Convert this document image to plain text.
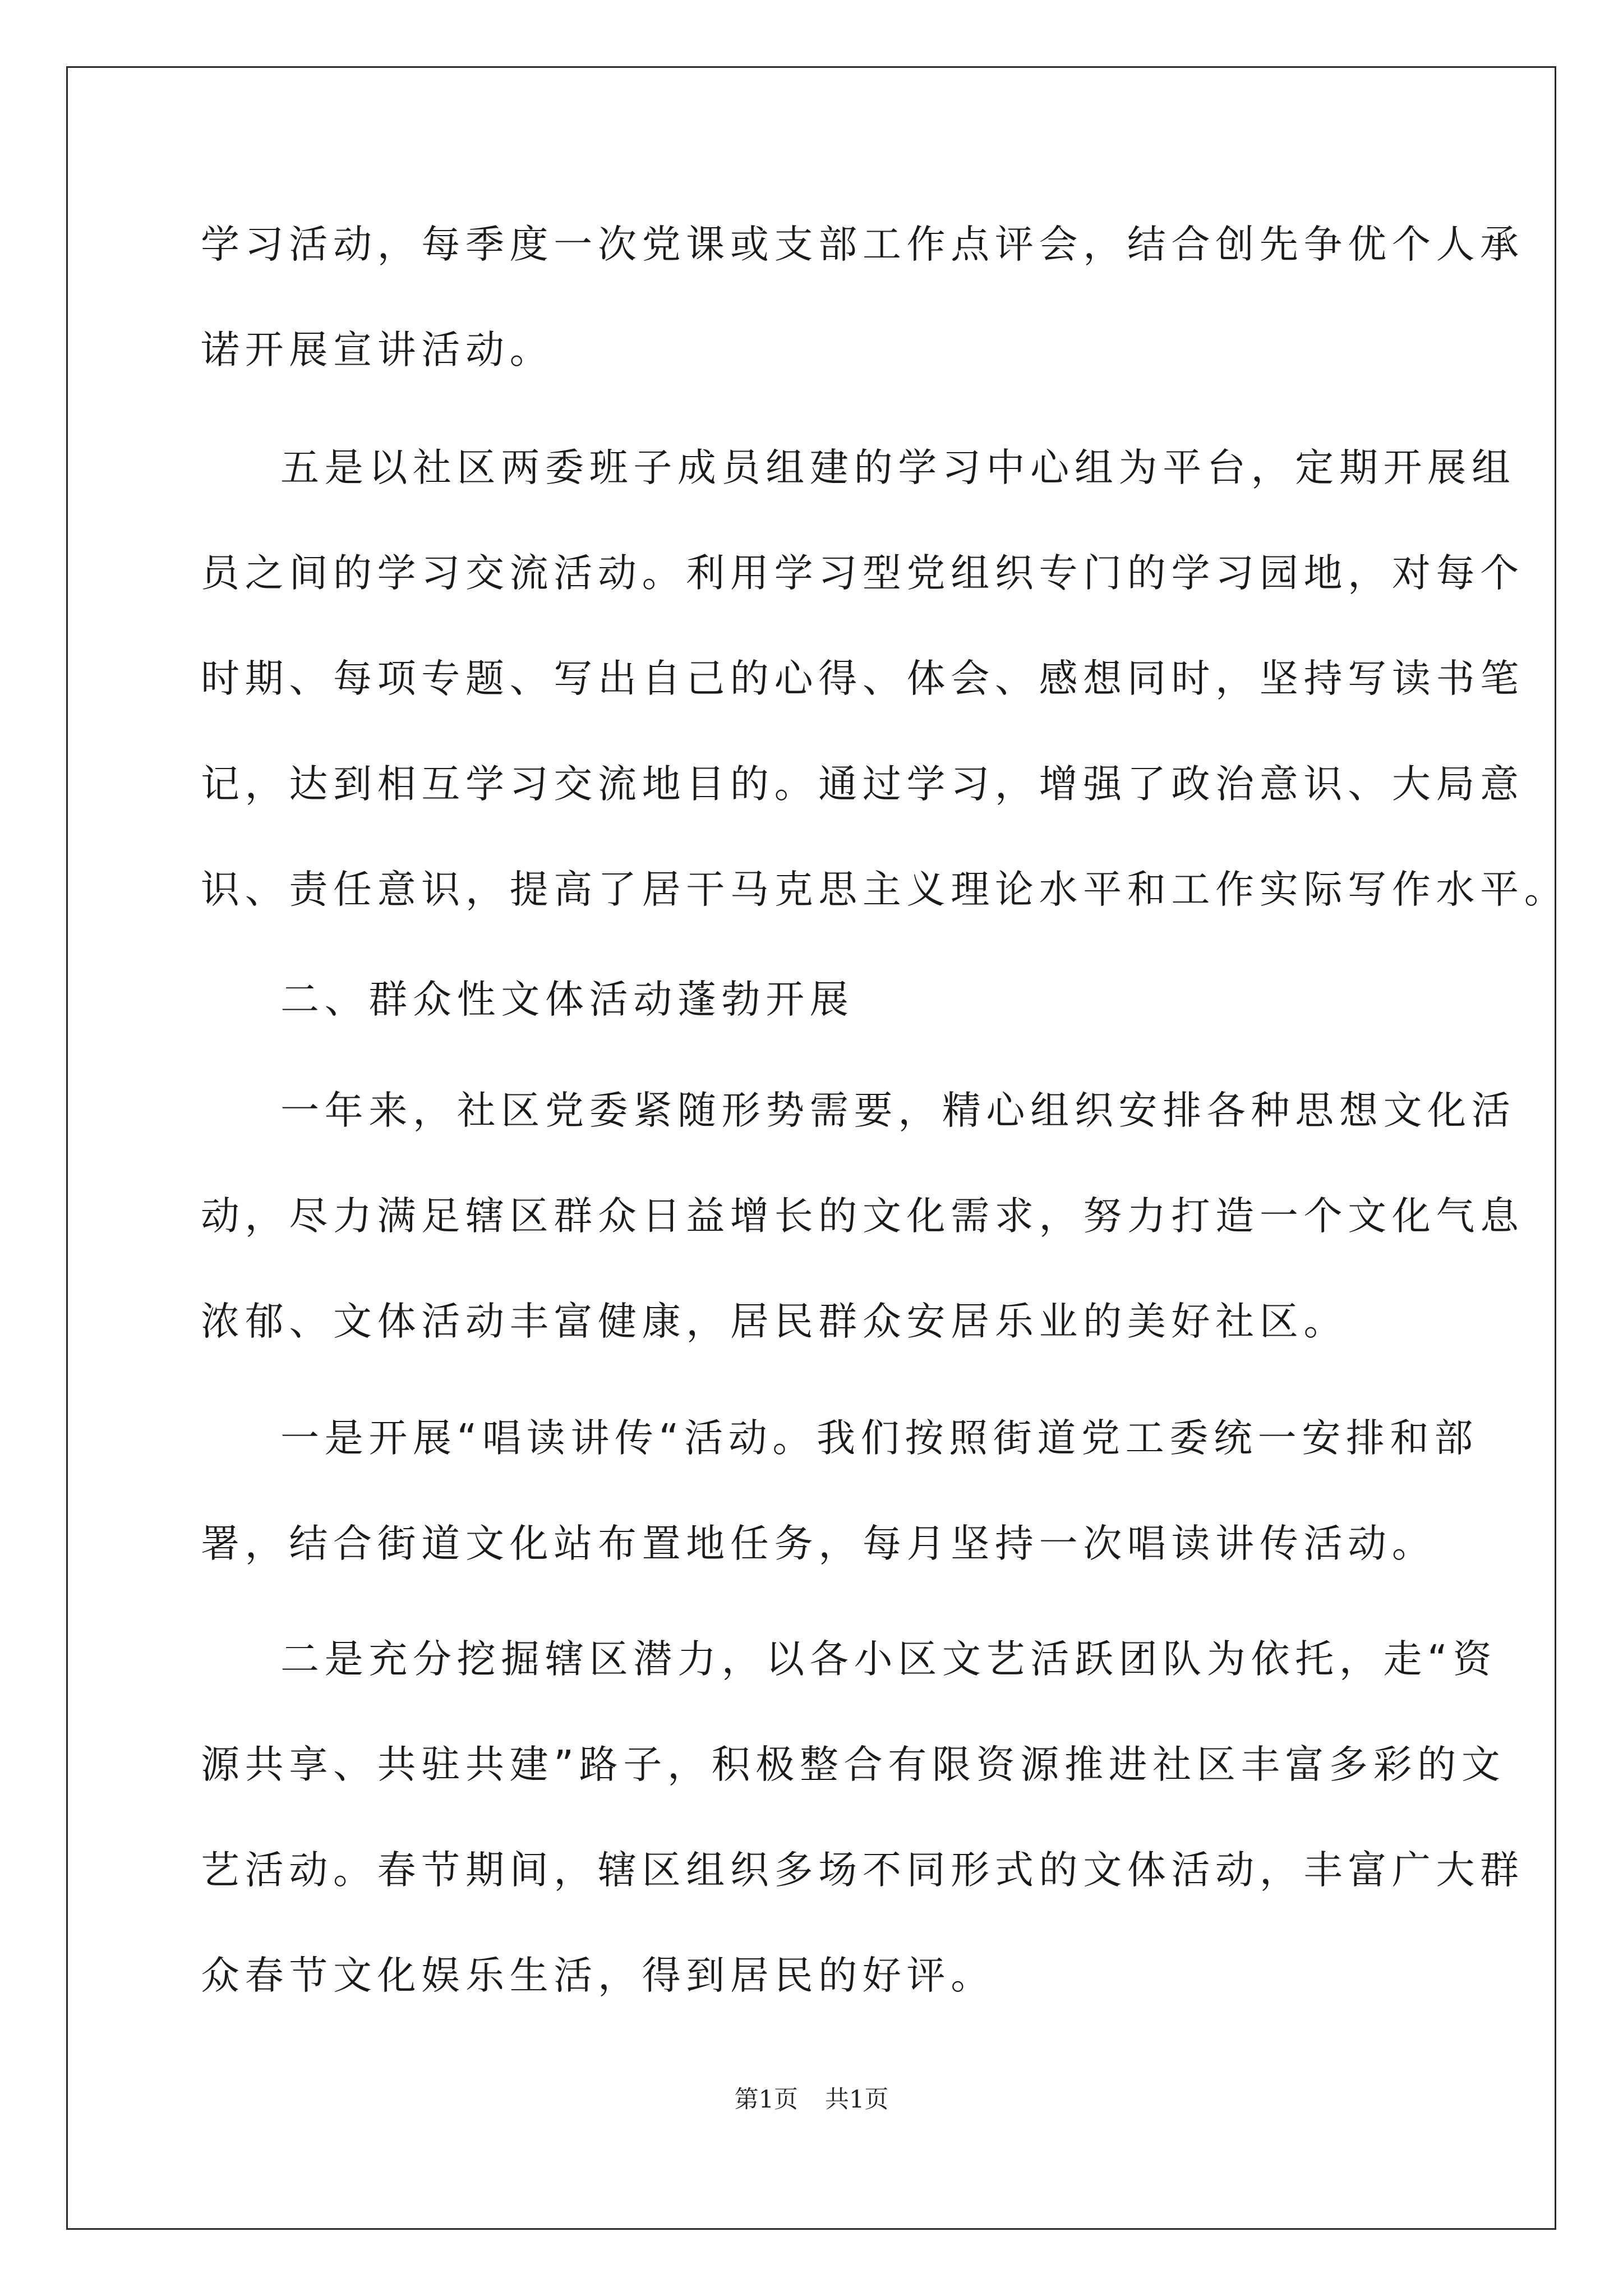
学习活动，每季度一次党课或支部工作点评会，结合创先争优个人承

诺开展宣讲活动。

五是以社区两委班子成员组建的学习中心组为平台，定期开展组

员之间的学习交流活动。利用学习型党组织专门的学习园地，对每个

时期、每项专题、写出自己的心得、体会、感想同时，坚持写读书笔

记，达到相互学习交流地目的。通过学习，增强了政治意识、大局意

识、责任意识，提高了居干马克思主义理论水平和工作实际写作水平。

二、群众性文体活动蓬勃开展

一年来，社区党委紧随形势需要，精心组织安排各种思想文化活

动，尽力满足辖区群众日益增长的文化需求，努力打造一个文化气息

浓郁、文体活动丰富健康，居民群众安居乐业的美好社区。

一是开展“唱读讲传“活动。我们按照街道党工委统一安排和部

署，结合街道文化站布置地任务，每月坚持一次唱读讲传活动。

二是充分挖掘辖区潜力，以各小区文艺活跃团队为依托，走“资

源共享、共驻共建”路子，积极整合有限资源推进社区丰富多彩的文

艺活动。春节期间，辖区组织多场不同形式的文体活动，丰富广大群

众春节文化娱乐生活，得到居民的好评。

第1页 共1页
